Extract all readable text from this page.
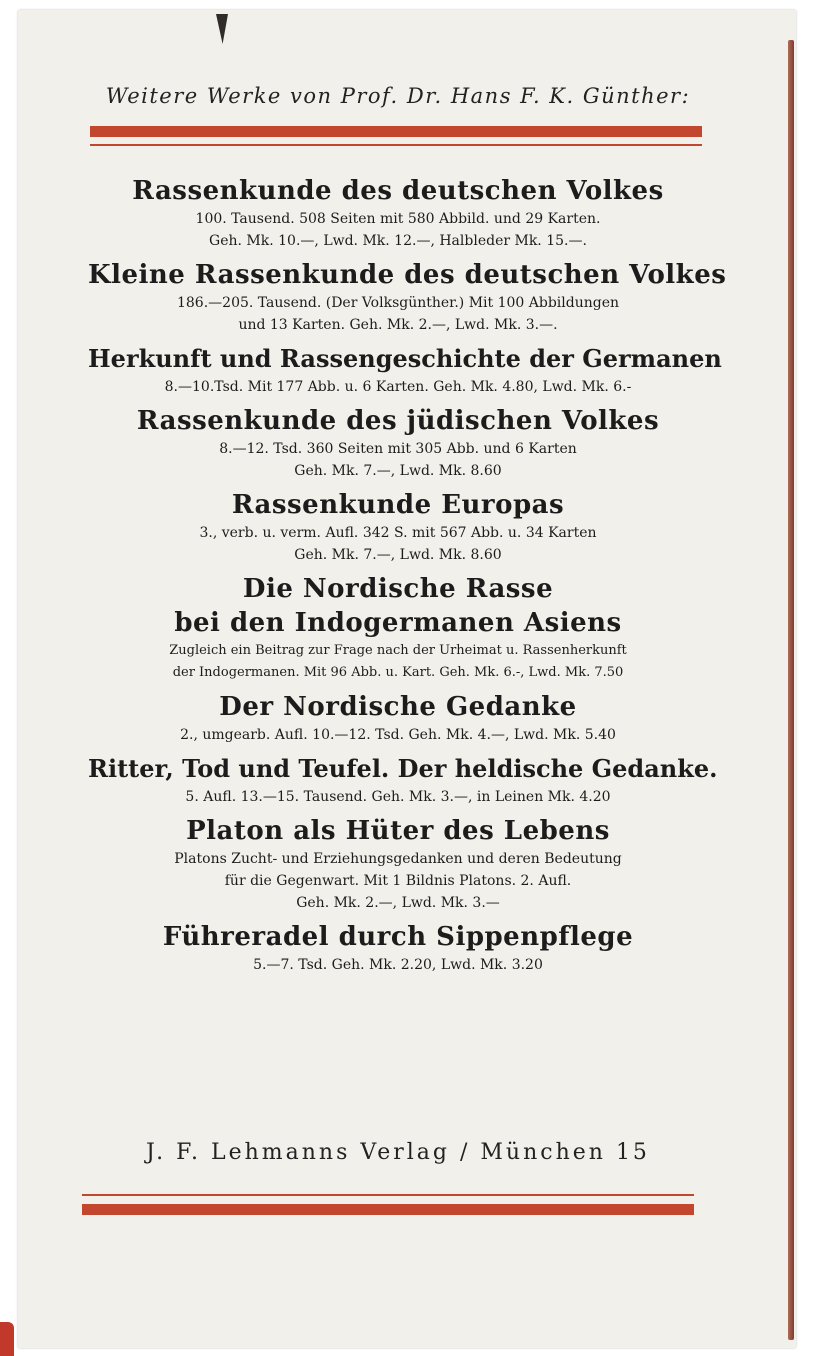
Weitere Werke von Prof. Dr. Hans F. K. Günther:
Rassenkunde des deutschen Volkes
100. Tausend. 508 Seiten mit 580 Abbild. und 29 Karten.
Geh. Mk. 10.—, Lwd. Mk. 12.—, Halbleder Mk. 15.—.
Kleine Rassenkunde des deutschen Volkes
186.—205. Tausend. (Der Volksgünther.) Mit 100 Abbildungen
und 13 Karten. Geh. Mk. 2.—, Lwd. Mk. 3.—.
Herkunft und Rassengeschichte der Germanen
8.—10.Tsd. Mit 177 Abb. u. 6 Karten. Geh. Mk. 4.80, Lwd. Mk. 6.-
Rassenkunde des jüdischen Volkes
8.—12. Tsd. 360 Seiten mit 305 Abb. und 6 Karten
Geh. Mk. 7.—, Lwd. Mk. 8.60
Rassenkunde Europas
3., verb. u. verm. Aufl. 342 S. mit 567 Abb. u. 34 Karten
Geh. Mk. 7.—, Lwd. Mk. 8.60
Die Nordische Rasse
bei den Indogermanen Asiens
Zugleich ein Beitrag zur Frage nach der Urheimat u. Rassenherkunft
der Indogermanen. Mit 96 Abb. u. Kart. Geh. Mk. 6.-, Lwd. Mk. 7.50
Der Nordische Gedanke
2., umgearb. Aufl. 10.—12. Tsd. Geh. Mk. 4.—, Lwd. Mk. 5.40
Ritter, Tod und Teufel. Der heldische Gedanke.
5. Aufl. 13.—15. Tausend. Geh. Mk. 3.—, in Leinen Mk. 4.20
Platon als Hüter des Lebens
Platons Zucht- und Erziehungsgedanken und deren Bedeutung
für die Gegenwart. Mit 1 Bildnis Platons. 2. Aufl.
Geh. Mk. 2.—, Lwd. Mk. 3.—
Führeradel durch Sippenpflege
5.—7. Tsd. Geh. Mk. 2.20, Lwd. Mk. 3.20
J. F. Lehmanns Verlag / München 15
